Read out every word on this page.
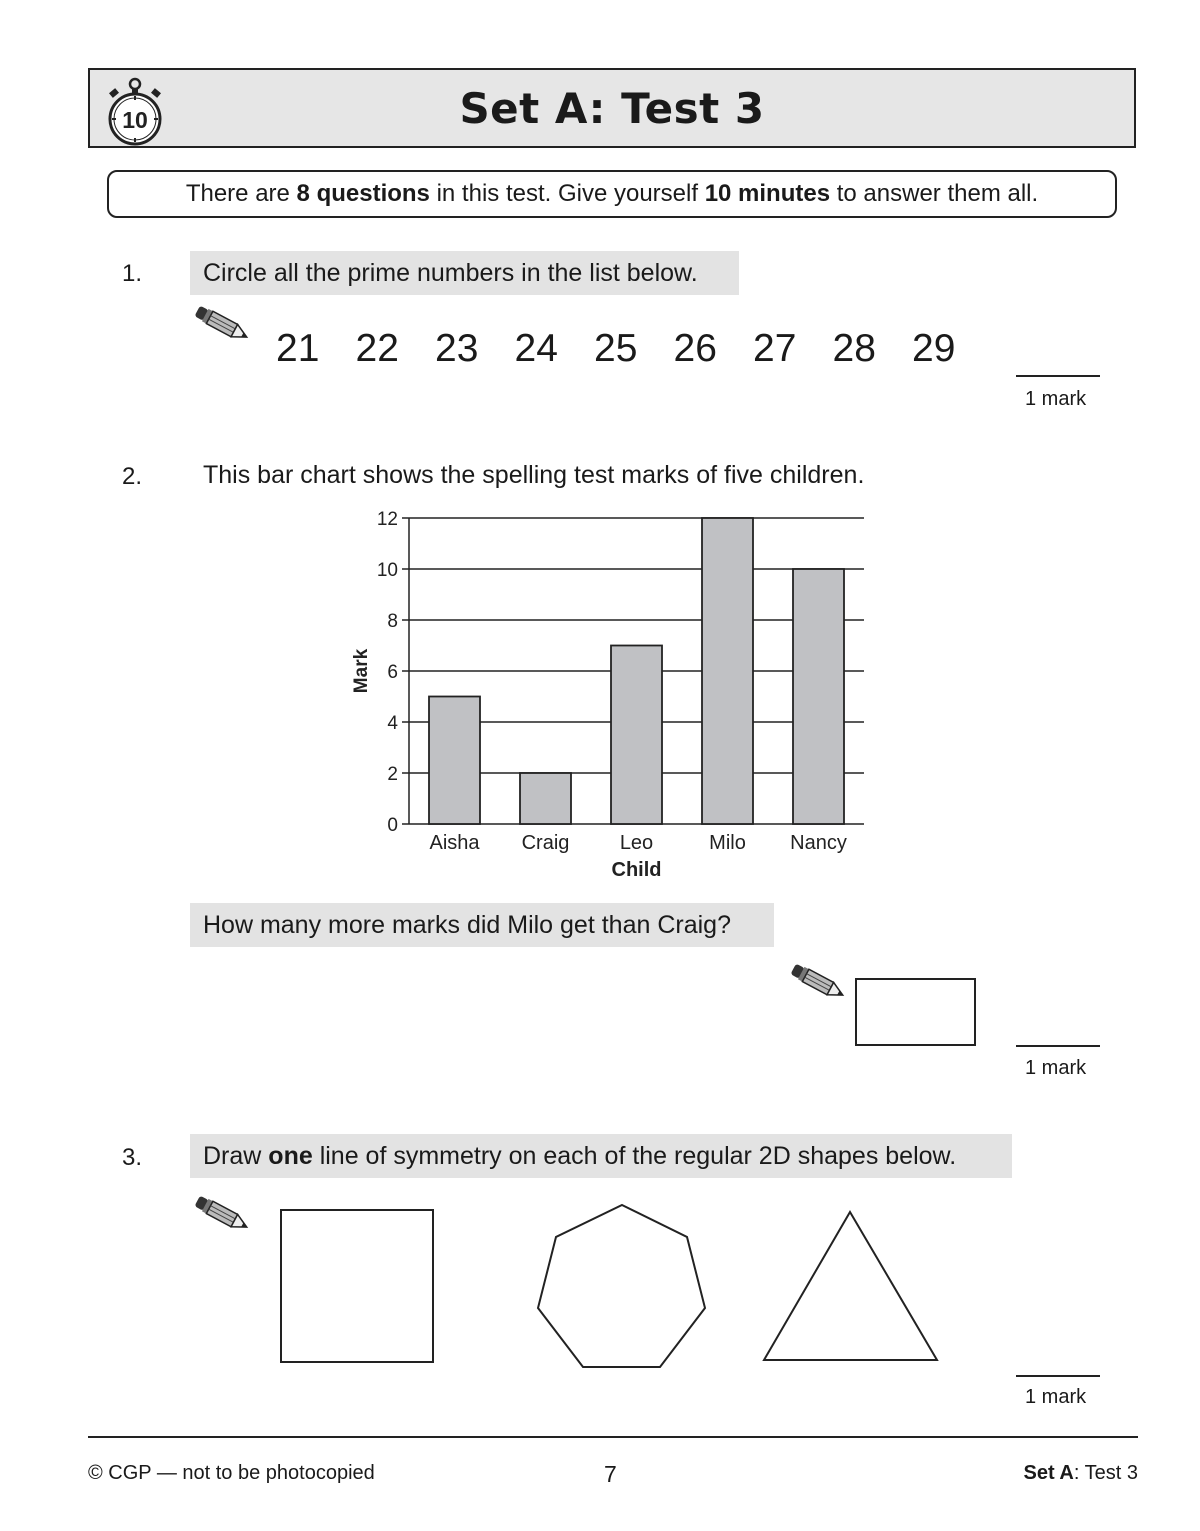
10	Set A: Test 3
There are 8 questions in this test. Give yourself 10 minutes to answer them all.
1.	Circle all the prime numbers in the list below.
21 22 23 24 25 26 27 28 29
1 mark
2. This bar chart shows the spelling test marks of five children.
0
2
4
6
8
10
12
Aisha Craig	Leo	Milo Nancy
Child
Mark
How many more marks did Milo get than Craig?
1 mark
3.	Draw one line of symmetry on each of the regular 2D shapes below.
1 mark
© CGP — not to be photocopied	7	Set A: Test 3
